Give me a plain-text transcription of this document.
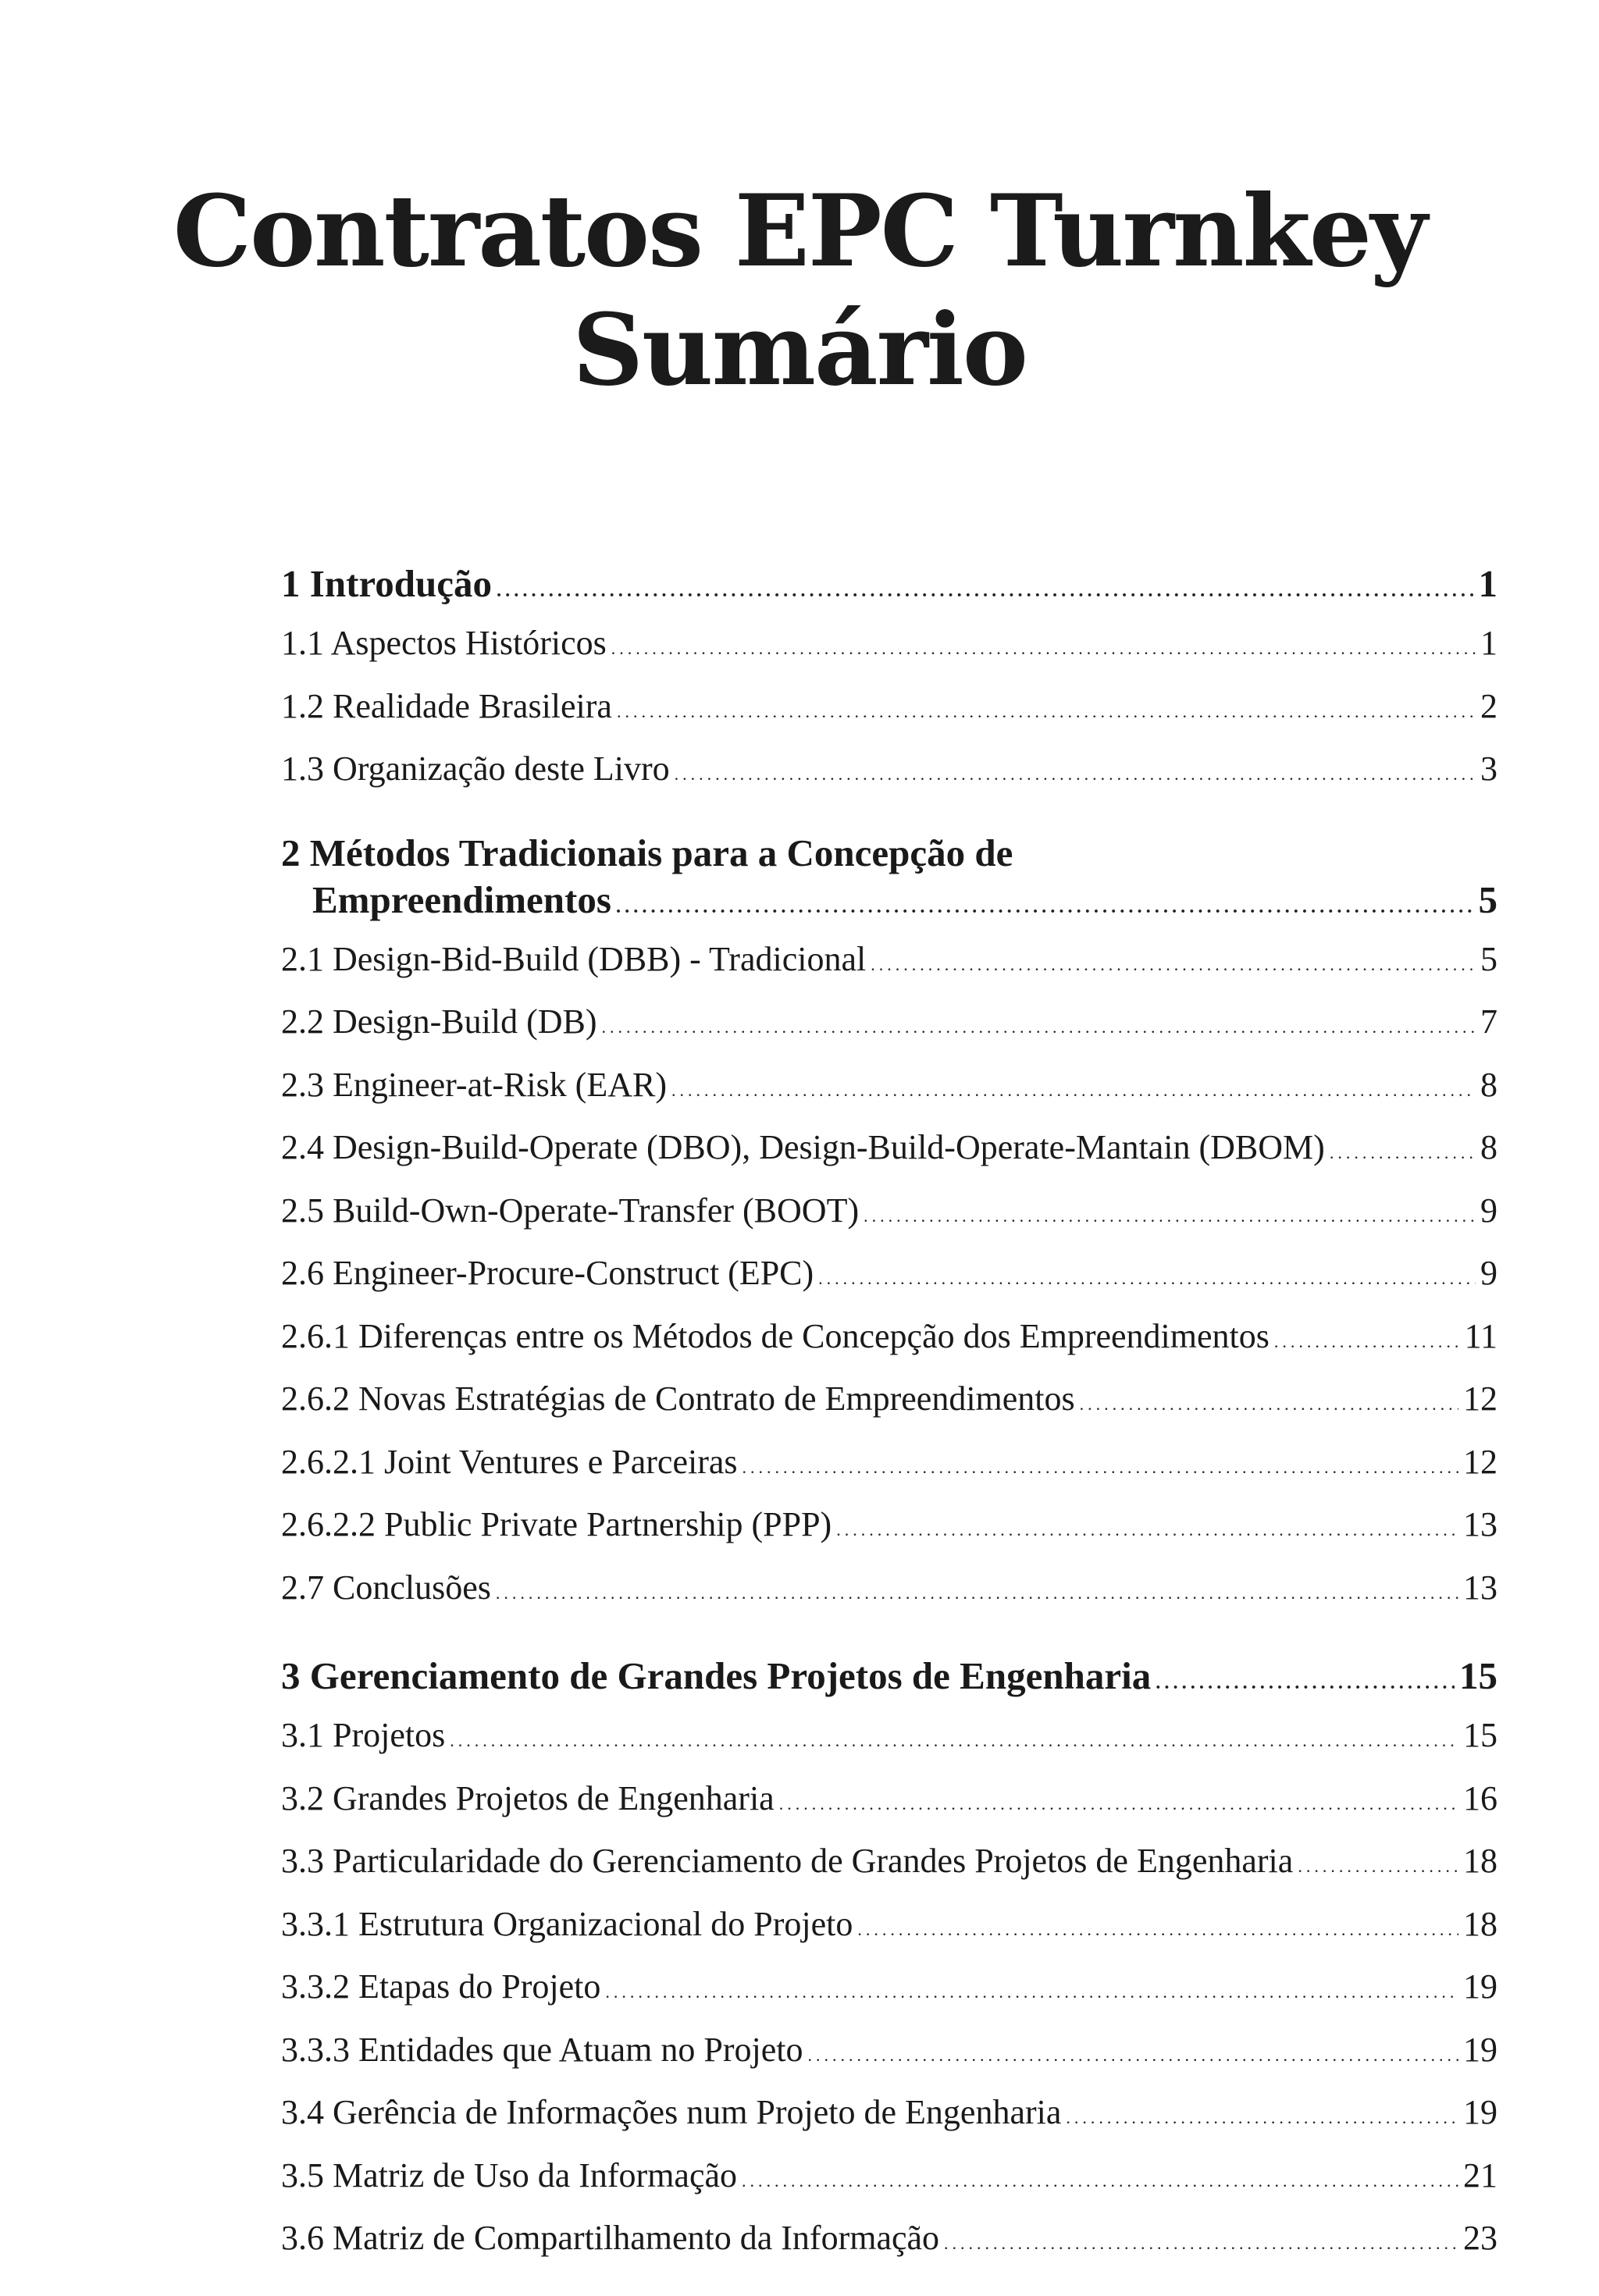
Contratos EPC Turnkey
Sumário
1 Introdução .....	1
1.1 Aspectos Históricos .....	1
1.2 Realidade Brasileira .....	2
1.3 Organização deste Livro .....	3
2 Métodos Tradicionais para a Concepção de
Empreendimentos .....	5
2.1 Design-Bid-Build (DBB) - Tradicional .....	5
2.2 Design-Build (DB) .....	7
2.3 Engineer-at-Risk (EAR) .....	8
2.4 Design-Build-Operate (DBO), Design-Build-Operate-Mantain (DBOM) .....	8
2.5 Build-Own-Operate-Transfer (BOOT) .....	9
2.6 Engineer-Procure-Construct (EPC) .....	9
2.6.1 Diferenças entre os Métodos de Concepção dos Empreendimentos .....	11
2.6.2 Novas Estratégias de Contrato de Empreendimentos .....	12
2.6.2.1 Joint Ventures e Parceiras .....	12
2.6.2.2 Public Private Partnership (PPP) .....	13
2.7 Conclusões .....	13
3 Gerenciamento de Grandes Projetos de Engenharia .....	15
3.1 Projetos .....	15
3.2 Grandes Projetos de Engenharia .....	16
3.3 Particularidade do Gerenciamento de Grandes Projetos de Engenharia .....	18
3.3.1 Estrutura Organizacional do Projeto .....	18
3.3.2 Etapas do Projeto .....	19
3.3.3 Entidades que Atuam no Projeto .....	19
3.4 Gerência de Informações num Projeto de Engenharia .....	19
3.5 Matriz de Uso da Informação .....	21
3.6 Matriz de Compartilhamento da Informação .....	23
